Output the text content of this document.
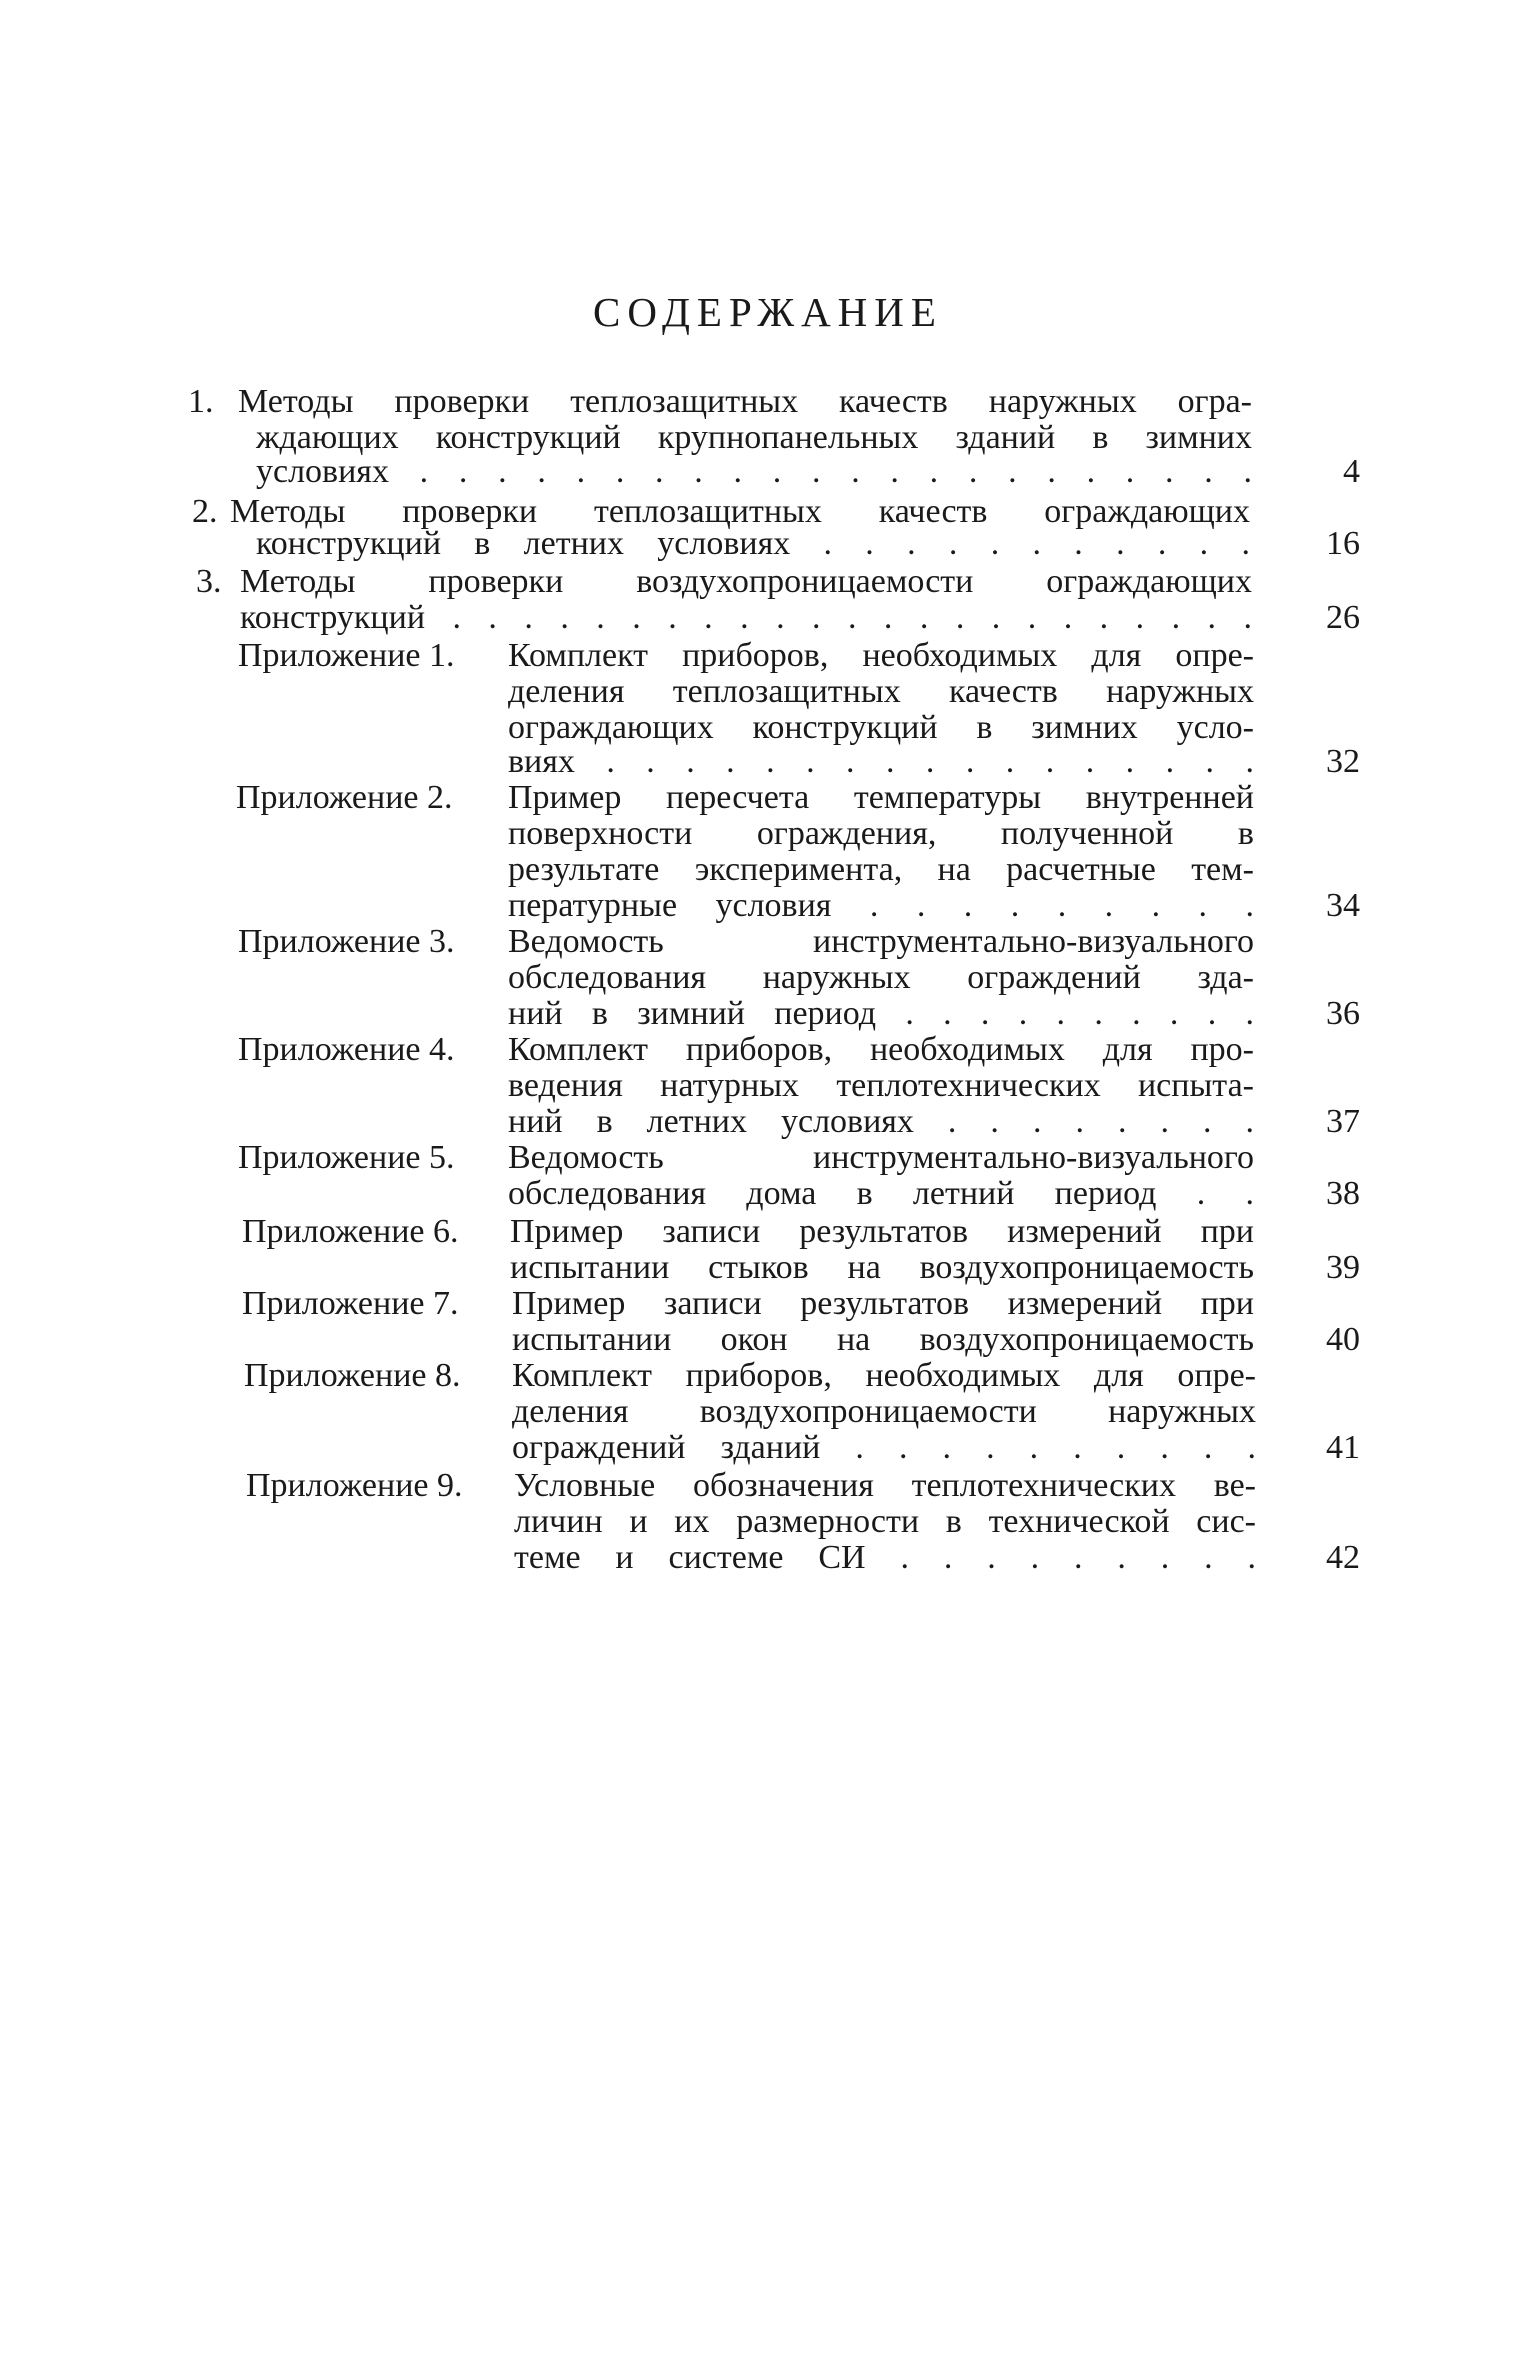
СОДЕРЖАНИЕ
1. Методы проверки теплозащитных качеств наружных огра-
ждающих конструкций крупнопанельных зданий в зимних
условиях . . . . . . . . . . . . . . . . . . . . . .	4
2. Методы проверки теплозащитных качеств ограждающих
конструкций в летних условиях . . . . . . . . . . .	16
3. Методы проверки воздухопроницаемости ограждающих
конструкций . . . . . . . . . . . . . . . . . . . . . . .	26
Приложение 1. Комплект приборов, необходимых для опре-
деления теплозащитных качеств наружных
ограждающих конструкций в зимних усло-
виях . . . . . . . . . . . . . . . . .	32
Приложение 2. Пример пересчета температуры внутренней
поверхности ограждения, полученной в
результате эксперимента, на расчетные тем-
пературные условия . . . . . . . . .	34
Приложение 3. Ведомость инструментально-визуального
обследования наружных ограждений зда-
ний в зимний период . . . . . . . . . .	36
Приложение 4. Комплект приборов, необходимых для про-
ведения натурных теплотехнических испыта-
ний в летних условиях . . . . . . . .	37
Приложение 5. Ведомость инструментально-визуального
обследования дома в летний период . .	38
Приложение 6. Пример записи результатов измерений при
испытании стыков на воздухопроницаемость	39
Приложение 7. Пример записи результатов измерений при
испытании окон на воздухопроницаемость	40
Приложение 8. Комплект приборов, необходимых для опре-
деления воздухопроницаемости наружных
ограждений зданий . . . . . . . . . .	41
Приложение 9. Условные обозначения теплотехнических ве-
личин и их размерности в технической сис-
теме и системе СИ . . . . . . . . .	42
